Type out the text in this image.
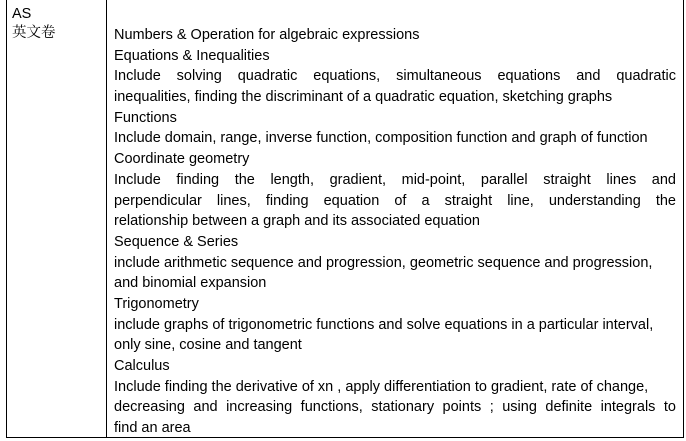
AS
英文卷	Numbers & Operation for algebraic expressions
Equations & Inequalities
Include solving quadratic equations, simultaneous equations and quadratic
inequalities, finding the discriminant of a quadratic equation, sketching graphs
Functions
Include domain, range, inverse function, composition function and graph of function
Coordinate geometry
Include finding the length, gradient, mid-point, parallel straight lines and
perpendicular lines, finding equation of a straight line, understanding the
relationship between a graph and its associated equation
Sequence & Series
include arithmetic sequence and progression, geometric sequence and progression,
and binomial expansion
Trigonometry
include graphs of trigonometric functions and solve equations in a particular interval,
only sine, cosine and tangent
Calculus
Include finding the derivative of xn , apply differentiation to gradient, rate of change,
decreasing and increasing functions, stationary points ; using definite integrals to
find an area
